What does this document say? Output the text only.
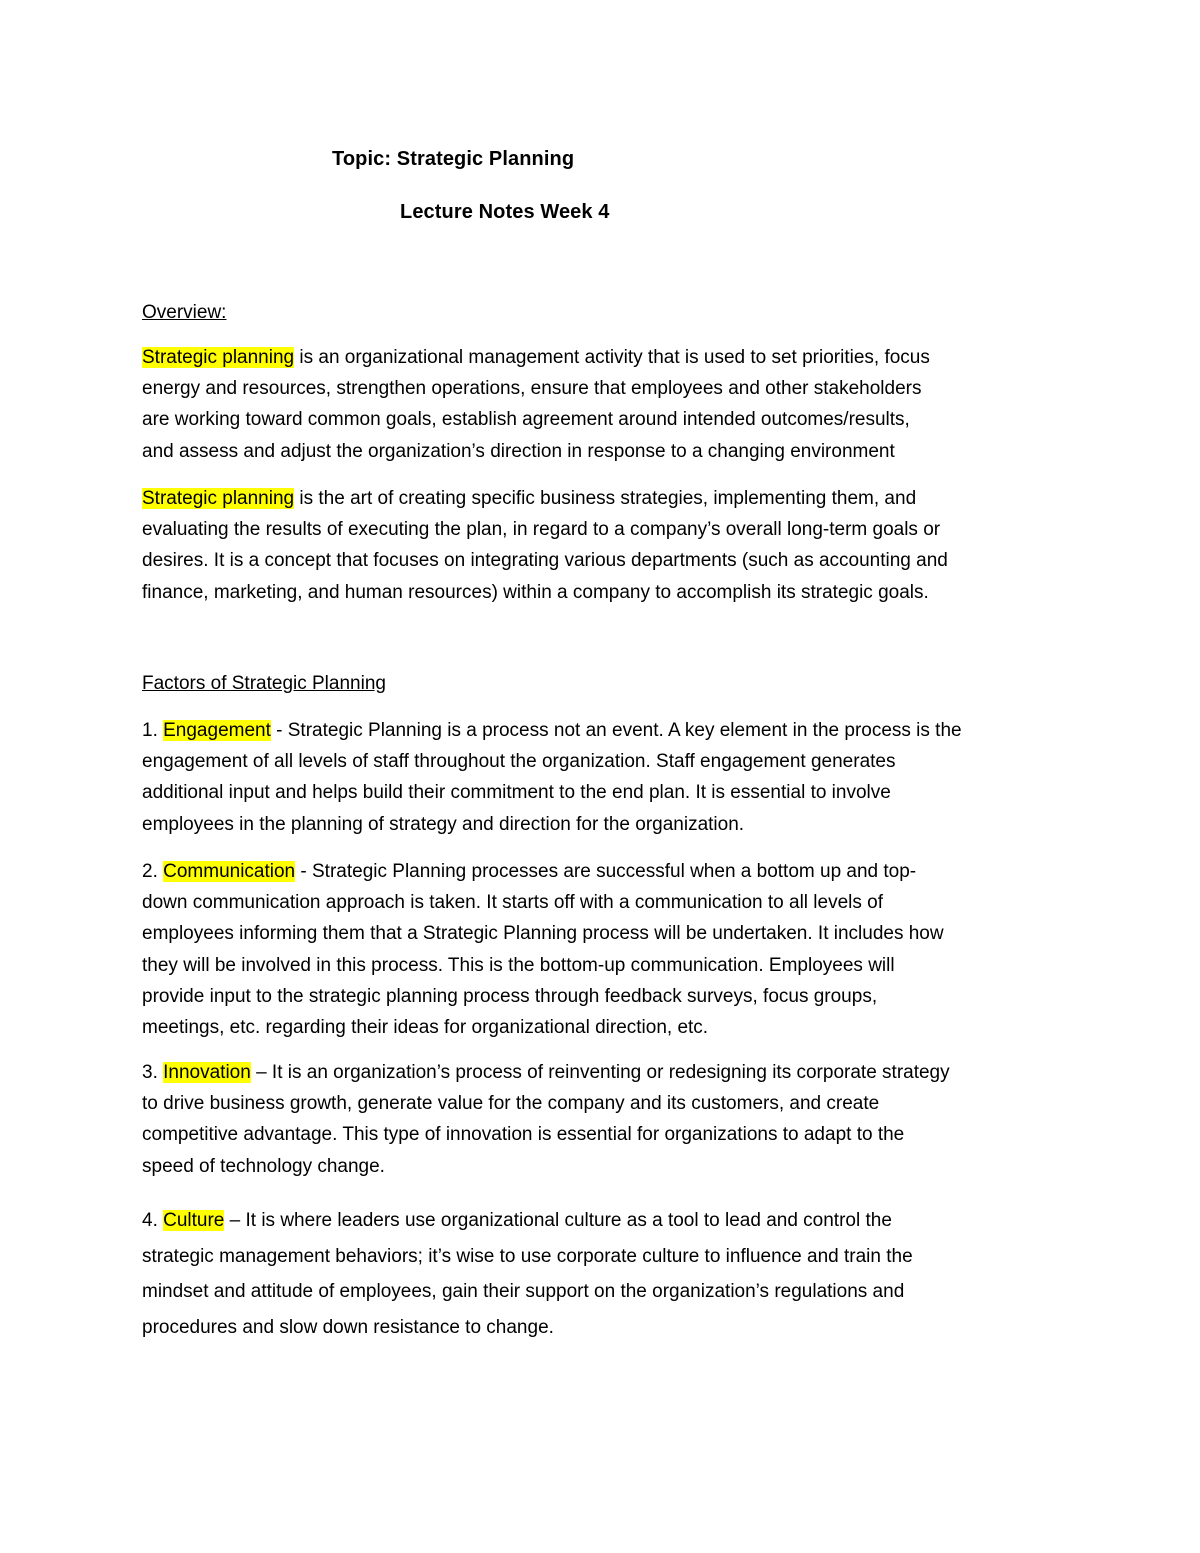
Topic: Strategic Planning
Lecture Notes Week 4
Overview:

Strategic planning is an organizational management activity that is used to set priorities, focus
energy and resources, strengthen operations, ensure that employees and other stakeholders
are working toward common goals, establish agreement around intended outcomes/results,
and assess and adjust the organization’s direction in response to a changing environment

Strategic planning is the art of creating specific business strategies, implementing them, and
evaluating the results of executing the plan, in regard to a company’s overall long-term goals or
desires. It is a concept that focuses on integrating various departments (such as accounting and
finance, marketing, and human resources) within a company to accomplish its strategic goals.

Factors of Strategic Planning

1. Engagement - Strategic Planning is a process not an event. A key element in the process is the
engagement of all levels of staff throughout the organization. Staff engagement generates
additional input and helps build their commitment to the end plan. It is essential to involve
employees in the planning of strategy and direction for the organization.

2. Communication - Strategic Planning processes are successful when a bottom up and top-
down communication approach is taken. It starts off with a communication to all levels of
employees informing them that a Strategic Planning process will be undertaken. It includes how
they will be involved in this process. This is the bottom-up communication. Employees will
provide input to the strategic planning process through feedback surveys, focus groups,
meetings, etc. regarding their ideas for organizational direction, etc.

3. Innovation – It is an organization’s process of reinventing or redesigning its corporate strategy
to drive business growth, generate value for the company and its customers, and create
competitive advantage. This type of innovation is essential for organizations to adapt to the
speed of technology change.

4. Culture – It is where leaders use organizational culture as a tool to lead and control the
strategic management behaviors; it’s wise to use corporate culture to influence and train the
mindset and attitude of employees, gain their support on the organization’s regulations and
procedures and slow down resistance to change.
